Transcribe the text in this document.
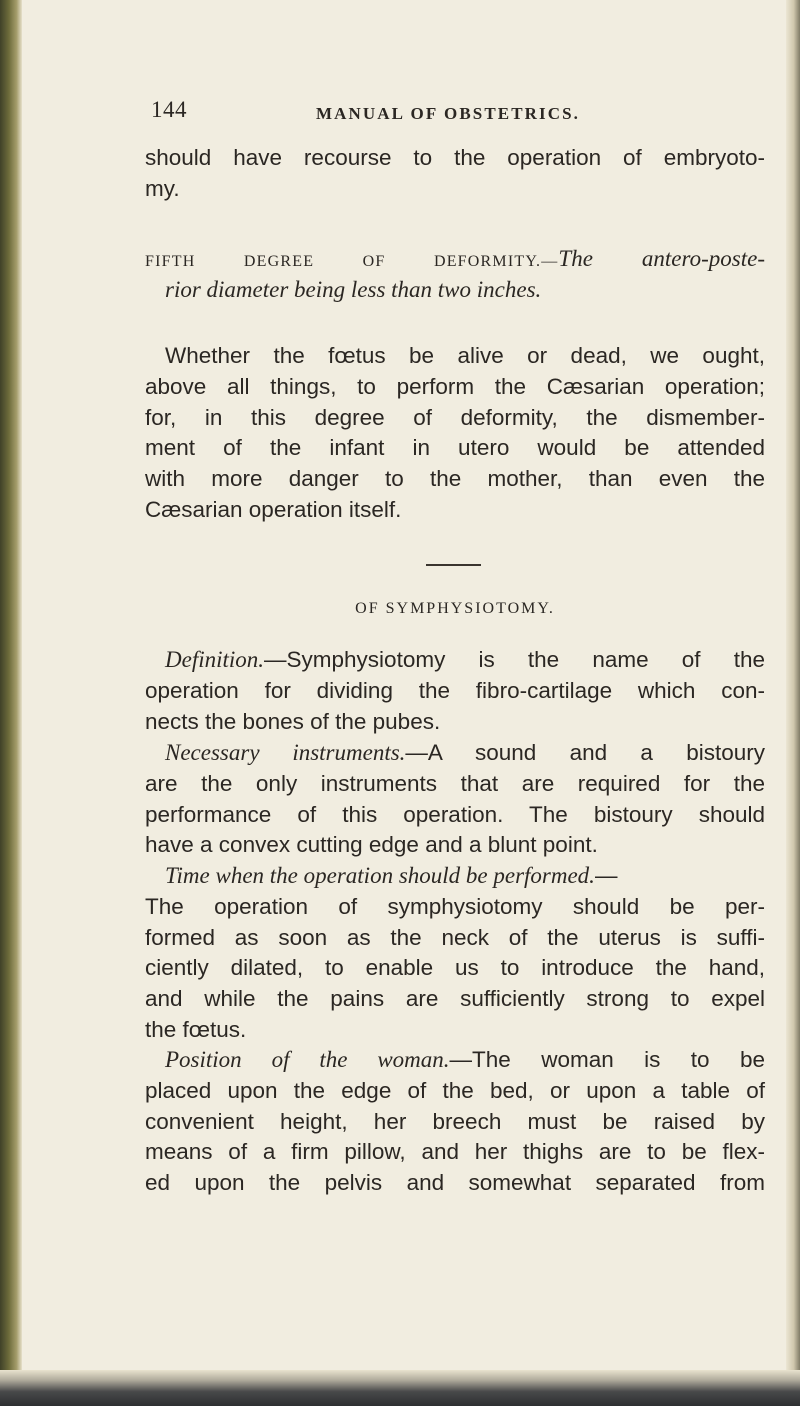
144	MANUAL OF OBSTETRICS.
should have recourse to the operation of embryoto-
my.
FIFTH DEGREE OF DEFORMITY.—The antero-poste-
rior diameter being less than two inches.
Whether the fœtus be alive or dead, we ought,
above all things, to perform the Cæsarian operation;
for, in this degree of deformity, the dismember-
ment of the infant in utero would be attended
with more danger to the mother, than even the
Cæsarian operation itself.
OF SYMPHYSIOTOMY.
Definition.—Symphysiotomy is the name of the
operation for dividing the fibro-cartilage which con-
nects the bones of the pubes.
Necessary instruments.—A sound and a bistoury
are the only instruments that are required for the
performance of this operation. The bistoury should
have a convex cutting edge and a blunt point.
Time when the operation should be performed.—
The operation of symphysiotomy should be per-
formed as soon as the neck of the uterus is suffi-
ciently dilated, to enable us to introduce the hand,
and while the pains are sufficiently strong to expel
the fœtus.
Position of the woman.—The woman is to be
placed upon the edge of the bed, or upon a table of
convenient height, her breech must be raised by
means of a firm pillow, and her thighs are to be flex-
ed upon the pelvis and somewhat separated from
